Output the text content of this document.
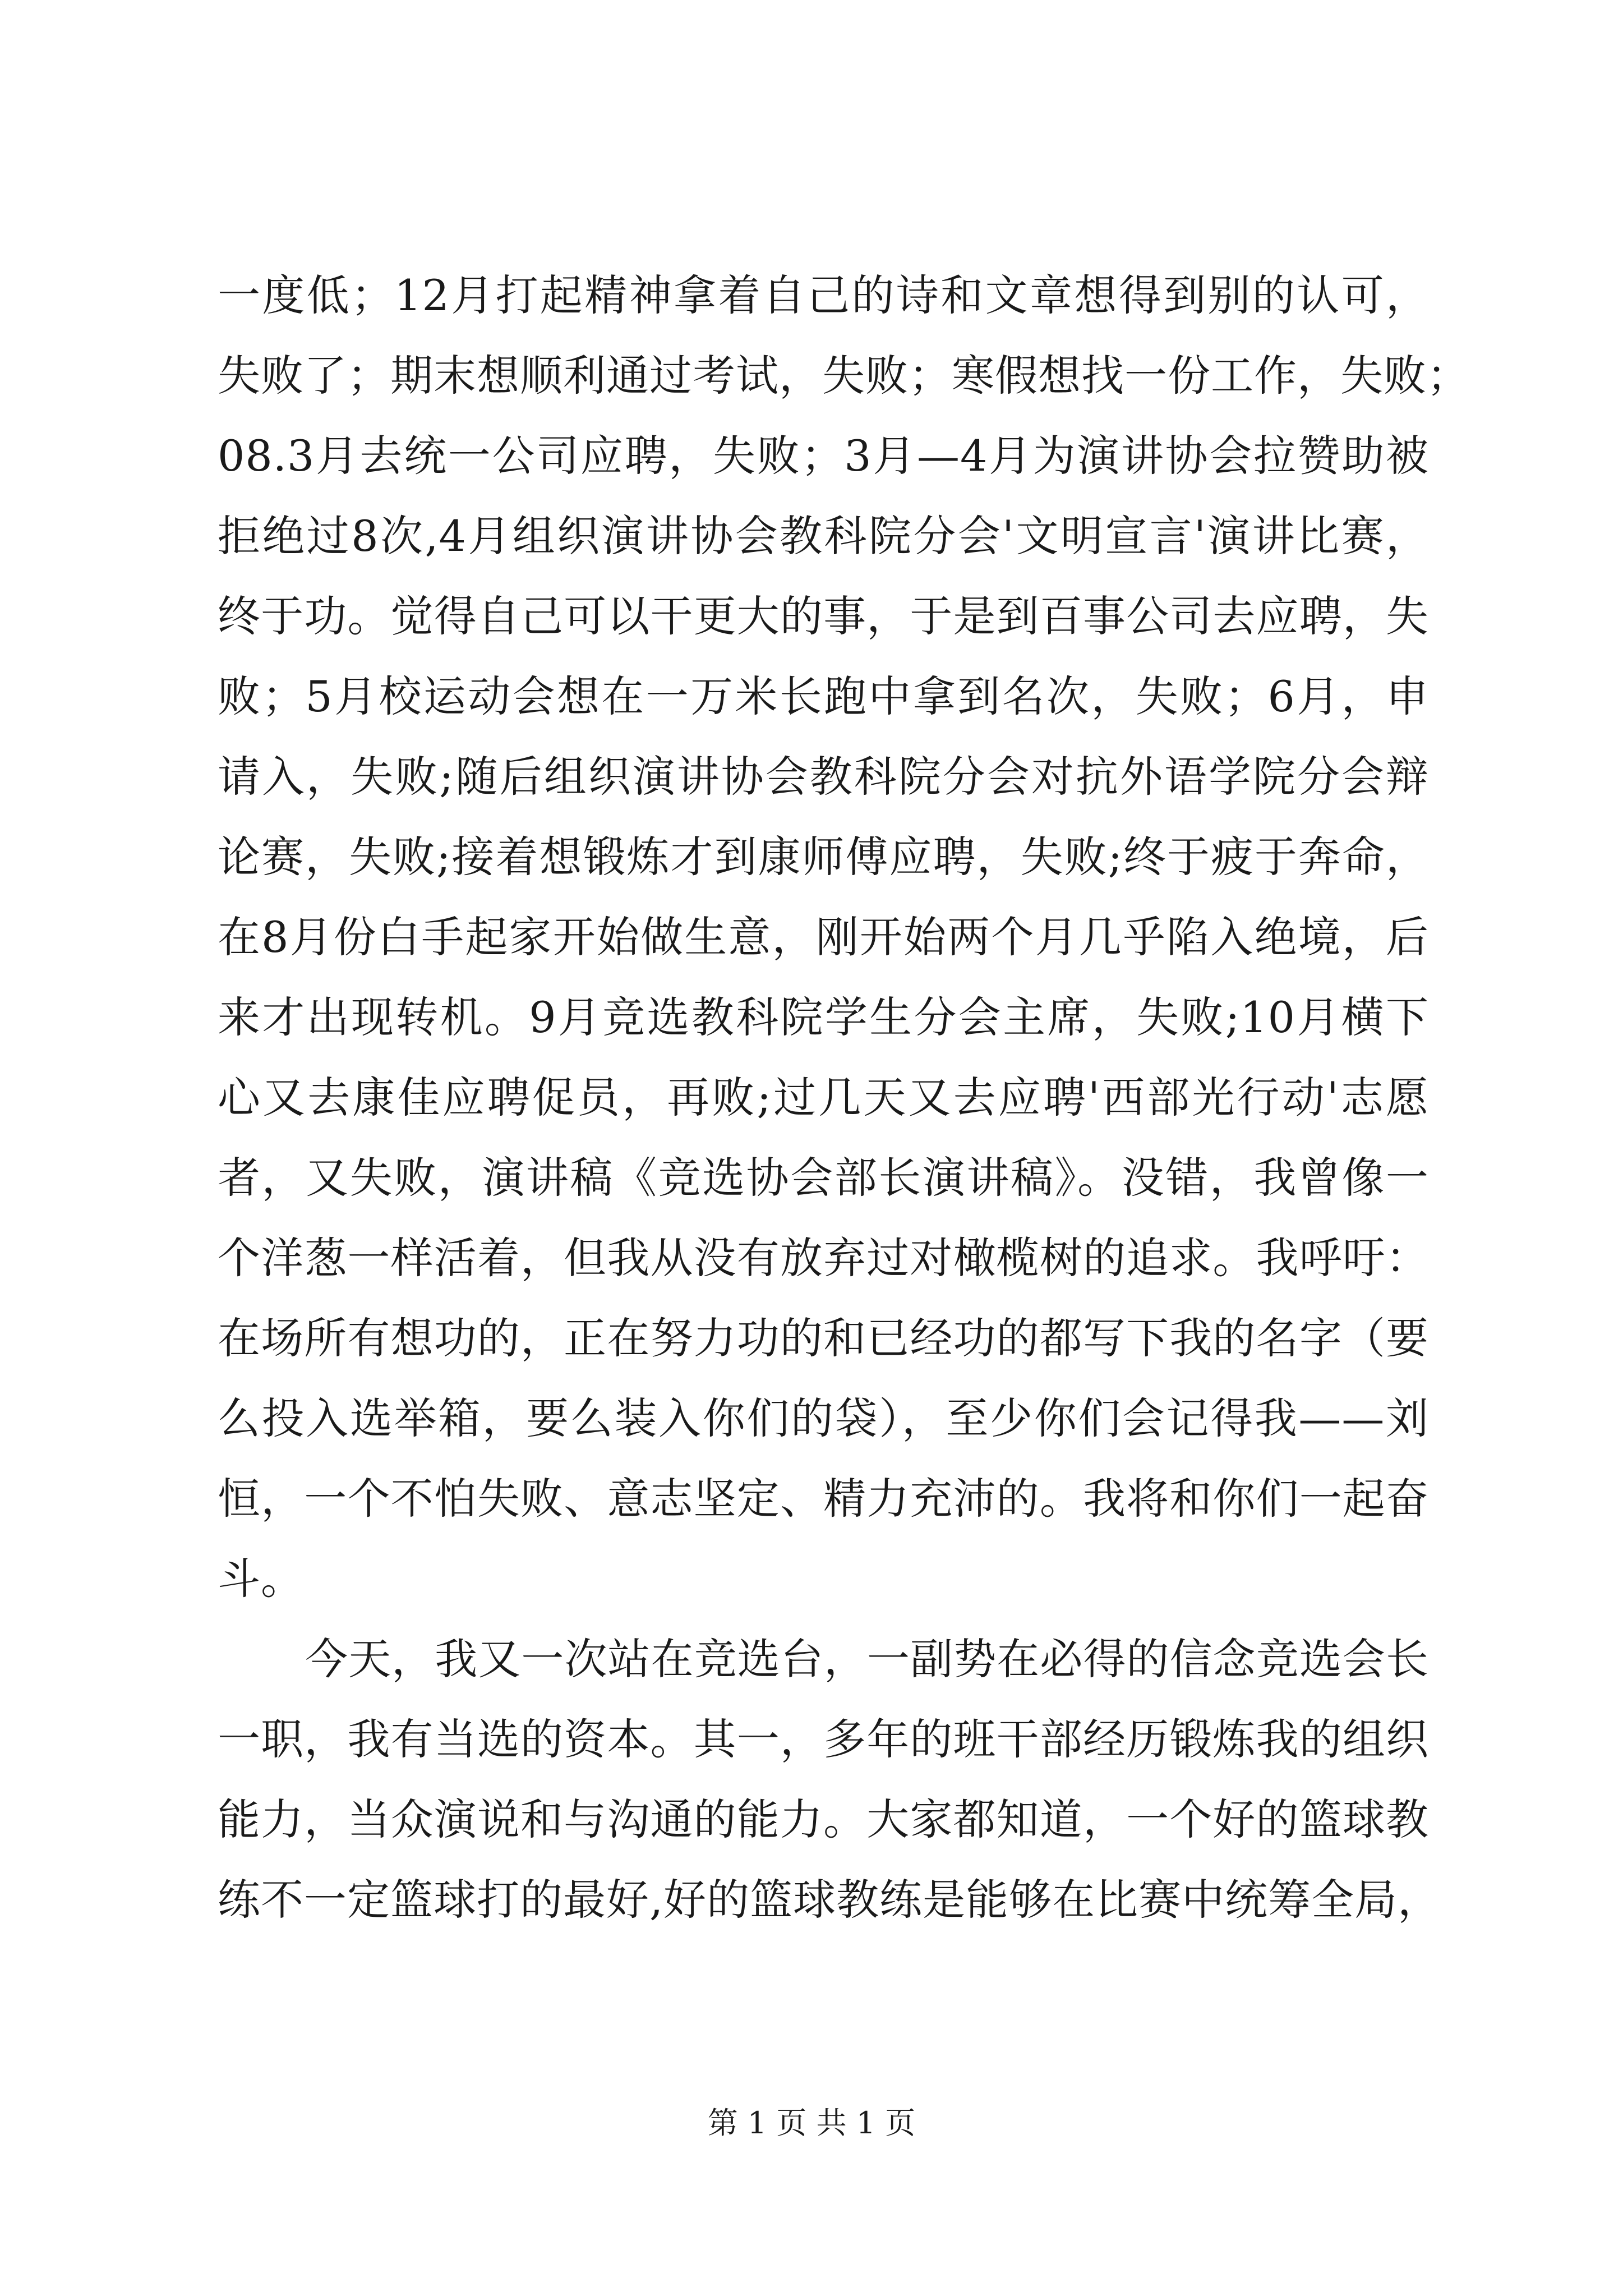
一度低；12月打起精神拿着自己的诗和文章想得到别的认可，
失败了；期末想顺利通过考试，失败；寒假想找一份工作，失败；
08.3月去统一公司应聘，失败；3月—4月为演讲协会拉赞助被
拒绝过8次,4月组织演讲协会教科院分会'文明宣言'演讲比赛，
终于功。觉得自己可以干更大的事，于是到百事公司去应聘，失
败；5月校运动会想在一万米长跑中拿到名次，失败；6月，申
请入，失败;随后组织演讲协会教科院分会对抗外语学院分会辩
论赛，失败;接着想锻炼才到康师傅应聘，失败;终于疲于奔命，
在8月份白手起家开始做生意，刚开始两个月几乎陷入绝境，后
来才出现转机。9月竞选教科院学生分会主席，失败;10月横下
心又去康佳应聘促员，再败;过几天又去应聘'西部光行动'志愿
者，又失败，演讲稿《竞选协会部长演讲稿》。没错，我曾像一
个洋葱一样活着，但我从没有放弃过对橄榄树的追求。我呼吁：
在场所有想功的，正在努力功的和已经功的都写下我的名字（要
么投入选举箱，要么装入你们的袋），至少你们会记得我——刘
恒，一个不怕失败、意志坚定、精力充沛的。我将和你们一起奋
斗。
今天，我又一次站在竞选台，一副势在必得的信念竞选会长
一职，我有当选的资本。其一，多年的班干部经历锻炼我的组织
能力，当众演说和与沟通的能力。大家都知道，一个好的篮球教
练不一定篮球打的最好,好的篮球教练是能够在比赛中统筹全局，
第 1 页 共 1 页
